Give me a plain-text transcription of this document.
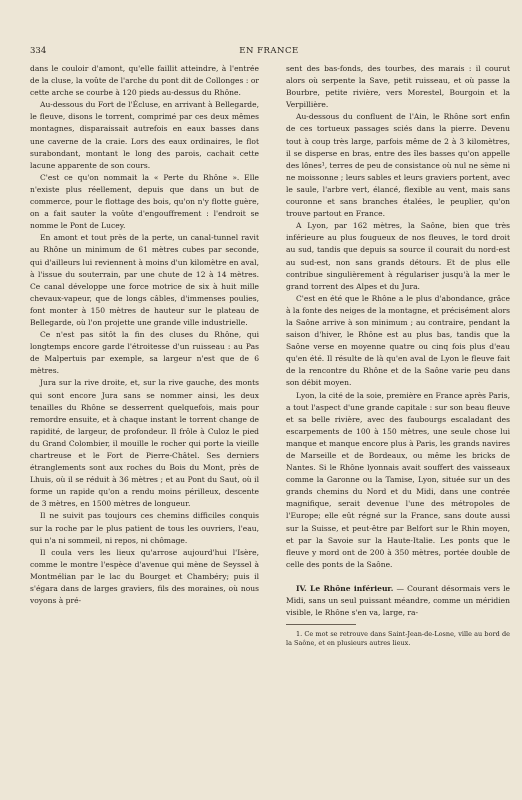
334	EN FRANCE

dans le couloir d'amont, qu'elle faillit atteindre, à l'entrée de la cluse, la voûte de l'arche du pont dit de Collonges : or cette arche se courbe à 120 pieds au-dessus du Rhône.

Au-dessous du Fort de l'Écluse, en arrivant à Bellegarde, le fleuve, disons le torrent, comprimé par ces deux mêmes montagnes, disparaissait autrefois en eaux basses dans une caverne de la craie. Lors des eaux ordinaires, le flot surabondant, montant le long des parois, cachait cette lacune apparente de son cours.

C'est ce qu'on nommait la « Perte du Rhône ». Elle n'existe plus réellement, depuis que dans un but de commerce, pour le flottage des bois, qu'on n'y flotte guère, on a fait sauter la voûte d'engouffrement : l'endroit se nomme le Pont de Lucey.

En amont et tout près de la perte, un canal-tunnel ravit au Rhône un minimum de 61 mètres cubes par seconde, qui d'ailleurs lui reviennent à moins d'un kilomètre en aval, à l'issue du souterrain, par une chute de 12 à 14 mètres. Ce canal développe une force motrice de six à huit mille chevaux-vapeur, que de longs câbles, d'immenses poulies, font monter à 150 mètres de hauteur sur le plateau de Bellegarde, où l'on projette une grande ville industrielle.

Ce n'est pas sitôt la fin des cluses du Rhône, qui longtemps encore garde l'étroitesse d'un ruisseau : au Pas de Malpertuis par exemple, sa largeur n'est que de 6 mètres.

Jura sur la rive droite, et, sur la rive gauche, des monts qui sont encore Jura sans se nommer ainsi, les deux tenailles du Rhône se desserrent quelquefois, mais pour remordre ensuite, et à chaque instant le torrent change de rapidité, de largeur, de profondeur. Il frôle à Culoz le pied du Grand Colombier, il mouille le rocher qui porte la vieille chartreuse et le Fort de Pierre-Châtel. Ses derniers étranglements sont aux roches du Bois du Mont, près de Lhuis, où il se réduit à 36 mètres ; et au Pont du Saut, où il forme un rapide qu'on a rendu moins périlleux, descente de 3 mètres, en 1500 mètres de longueur.

Il ne suivit pas toujours ces chemins difficiles conquis sur la roche par le plus patient de tous les ouvriers, l'eau, qui n'a ni sommeil, ni repos, ni chômage.

Il coula vers les lieux qu'arrose aujourd'hui l'Isère, comme le montre l'espèce d'avenue qui mène de Seyssel à Montmélian par le lac du Bourget et Chambéry; puis il s'égara dans de larges graviers, fils des moraines, où nous voyons à pré-

sent des bas-fonds, des tourbes, des marais : il courut alors où serpente la Save, petit ruisseau, et où passe la Bourbre, petite rivière, vers Morestel, Bourgoin et la Verpillière.

Au-dessous du confluent de l'Ain, le Rhône sort enfin de ces tortueux passages sciés dans la pierre. Devenu tout à coup très large, parfois même de 2 à 3 kilomètres, il se disperse en bras, entre des îles basses qu'on appelle des lônes¹, terres de peu de consistance où nul ne sème ni ne moissonne ; leurs sables et leurs graviers portent, avec le saule, l'arbre vert, élancé, flexible au vent, mais sans couronne et sans branches étalées, le peuplier, qu'on trouve partout en France.

A Lyon, par 162 mètres, la Saône, bien que très inférieure au plus fougueux de nos fleuves, le tord droit au sud, tandis que depuis sa source il courait du nord-est au sud-est, non sans grands détours. Et de plus elle contribue singulièrement à régulariser jusqu'à la mer le grand torrent des Alpes et du Jura.

C'est en été que le Rhône a le plus d'abondance, grâce à la fonte des neiges de la montagne, et précisément alors la Saône arrive à son minimum ; au contraire, pendant la saison d'hiver, le Rhône est au plus bas, tandis que la Saône verse en moyenne quatre ou cinq fois plus d'eau qu'en été. Il résulte de là qu'en aval de Lyon le fleuve fait de la rencontre du Rhône et de la Saône varie peu dans son débit moyen.

Lyon, la cité de la soie, première en France après Paris, a tout l'aspect d'une grande capitale : sur son beau fleuve et sa belle rivière, avec des faubourgs escaladant des escarpements de 100 à 150 mètres, une seule chose lui manque et manque encore plus à Paris, les grands navires de Marseille et de Bordeaux, ou même les bricks de Nantes. Si le Rhône lyonnais avait souffert des vaisseaux comme la Garonne ou la Tamise, Lyon, située sur un des grands chemins du Nord et du Midi, dans une contrée magnifique, serait devenue l'une des métropoles de l'Europe; elle eût régné sur la France, sans doute aussi sur la Suisse, et peut-être par Belfort sur le Rhin moyen, et par la Savoie sur la Haute-Italie. Les ponts que le fleuve y mord ont de 200 à 350 mètres, portée double de celle des ponts de la Saône.

IV. Le Rhône inférieur. — Courant désormais vers le Midi, sans un seul puissant méandre, comme un méridien visible, le Rhône s'en va, large, ra-

1. Ce mot se retrouve dans Saint-Jean-de-Losne, ville au bord de la Saône, et en plusieurs autres lieux.
